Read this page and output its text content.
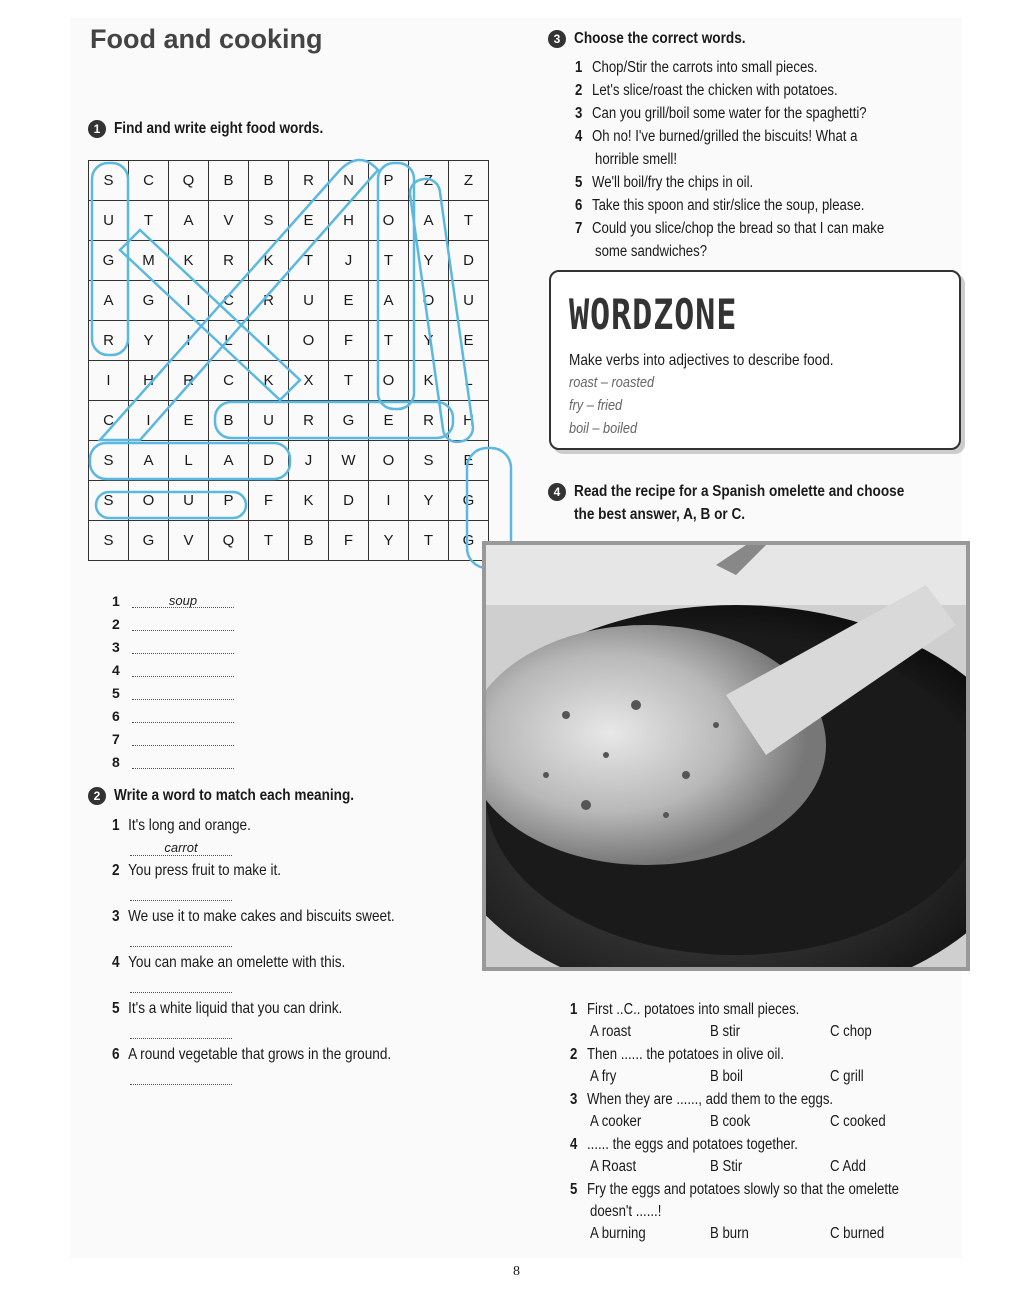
Food and cooking
1 Find and write eight food words.
S	C	Q	B	B	R	N	P	Z	Z
U	T	A	V	S	E	H	O	A	T
G	M	K	R	K	T	J	T	Y	D
A	G	I	C	R	U	E	A	O	U
R	Y	I	L	I	O	F	T	Y	E
I	H	R	C	K	X	T	O	K	L
C	I	E	B	U	R	G	E	R	H
S	A	L	A	D	J	W	O	S	E
S	O	U	P	F	K	D	I	Y	G
S	G	V	Q	T	B	F	Y	T	G
1	soup
2
3
4
5
6
7
8
2 Write a word to match each meaning.
1 It's long and orange.
carrot
2 You press fruit to make it.
3 We use it to make cakes and biscuits sweet.
4 You can make an omelette with this.
5 It's a white liquid that you can drink.
6 A round vegetable that grows in the ground.
3 Choose the correct words.
1 Chop/Stir the carrots into small pieces.
2 Let's slice/roast the chicken with potatoes.
3 Can you grill/boil some water for the spaghetti?
4 Oh no! I've burned/grilled the biscuits! What a
horrible smell!
5 We'll boil/fry the chips in oil.
6 Take this spoon and stir/slice the soup, please.
7 Could you slice/chop the bread so that I can make
some sandwiches?
WORDZONE
Make verbs into adjectives to describe food.
roast – roasted
fry – fried
boil – boiled
4 Read the recipe for a Spanish omelette and choose
the best answer, A, B or C.
1 First ..C.. potatoes into small pieces.
A roast	B stir	C chop
2 Then ...... the potatoes in olive oil.
A fry	B boil	C grill
3 When they are ......, add them to the eggs.
A cooker	B cook	C cooked
4 ...... the eggs and potatoes together.
A Roast	B Stir	C Add
5 Fry the eggs and potatoes slowly so that the omelette
doesn't ......!
A burning	B burn	C burned
8
